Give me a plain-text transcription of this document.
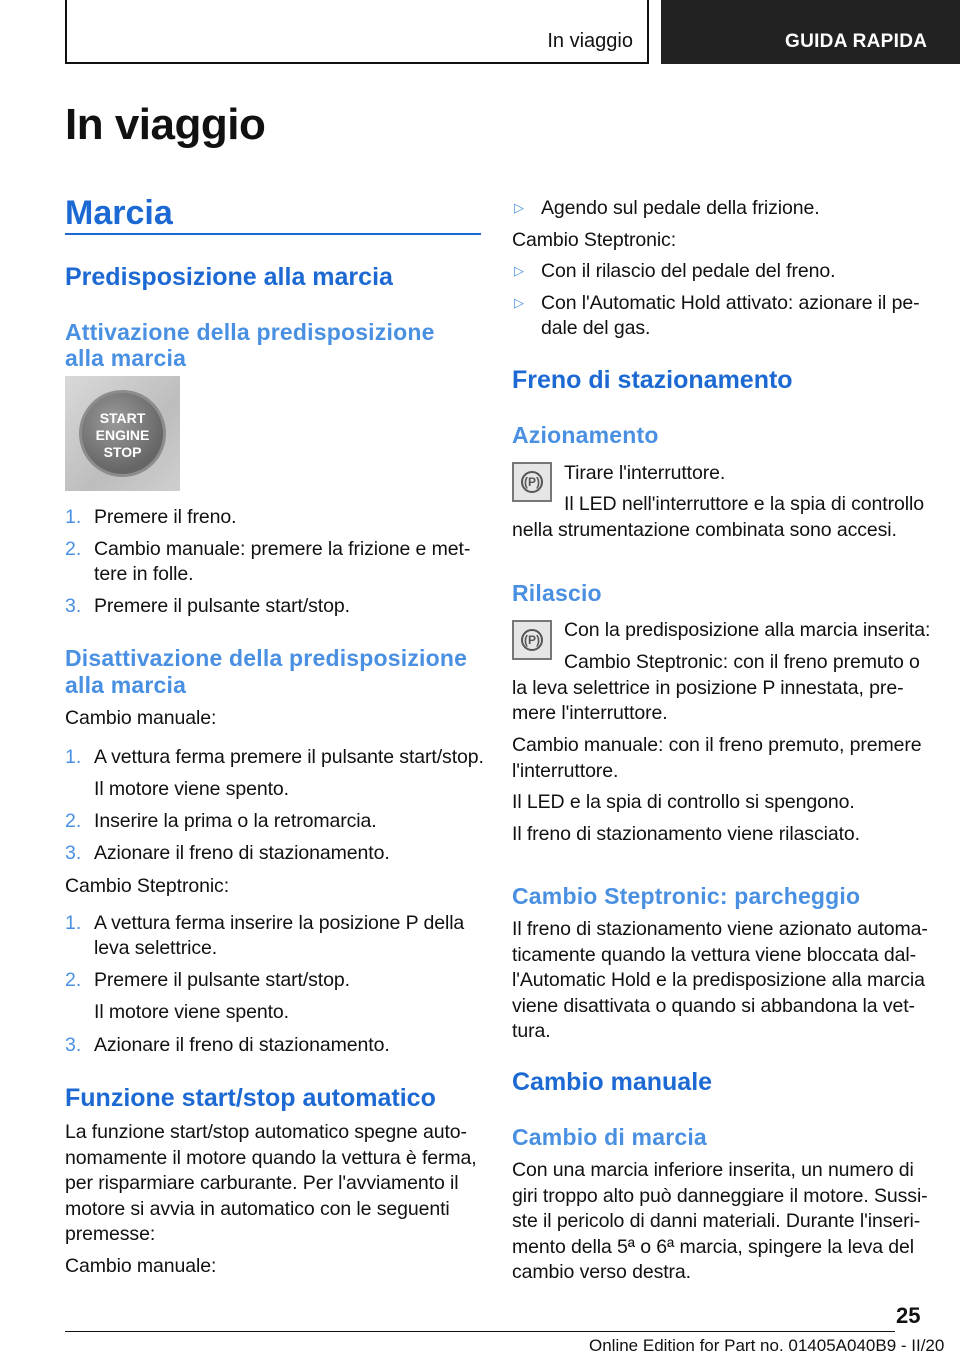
In viaggio	GUIDA RAPIDA
In viaggio
Marcia
Predisposizione alla marcia
Attivazione della predisposizione
alla marcia
START
ENGINE
STOP
1. Premere il freno.
2. Cambio manuale: premere la frizione e met-
tere in folle.
3. Premere il pulsante start/stop.
Disattivazione della predisposizione
alla marcia
Cambio manuale:
1. A vettura ferma premere il pulsante start/stop.
Il motore viene spento.
2. Inserire la prima o la retromarcia.
3. Azionare il freno di stazionamento.
Cambio Steptronic:
1. A vettura ferma inserire la posizione P della
leva selettrice.
2. Premere il pulsante start/stop.
Il motore viene spento.
3. Azionare il freno di stazionamento.
Funzione start/stop automatico
La funzione start/stop automatico spegne auto-
nomamente il motore quando la vettura è ferma,
per risparmiare carburante. Per l'avviamento il
motore si avvia in automatico con le seguenti
premesse:
Cambio manuale:
▷ Agendo sul pedale della frizione.
Cambio Steptronic:
▷ Con il rilascio del pedale del freno.
▷ Con l'Automatic Hold attivato: azionare il pe-
dale del gas.
Freno di stazionamento
Azionamento
(P) Tirare l'interruttore.
Il LED nell'interruttore e la spia di controllo
nella strumentazione combinata sono accesi.
Rilascio
(P) Con la predisposizione alla marcia inserita:
Cambio Steptronic: con il freno premuto o
la leva selettrice in posizione P innestata, pre-
mere l'interruttore.
Cambio manuale: con il freno premuto, premere
l'interruttore.
Il LED e la spia di controllo si spengono.
Il freno di stazionamento viene rilasciato.
Cambio Steptronic: parcheggio
Il freno di stazionamento viene azionato automa-
ticamente quando la vettura viene bloccata dal-
l'Automatic Hold e la predisposizione alla marcia
viene disattivata o quando si abbandona la vet-
tura.
Cambio manuale
Cambio di marcia
Con una marcia inferiore inserita, un numero di
giri troppo alto può danneggiare il motore. Sussi-
ste il pericolo di danni materiali. Durante l'inseri-
mento della 5ª o 6ª marcia, spingere la leva del
cambio verso destra.
25
Online Edition for Part no. 01405A040B9 - II/20
